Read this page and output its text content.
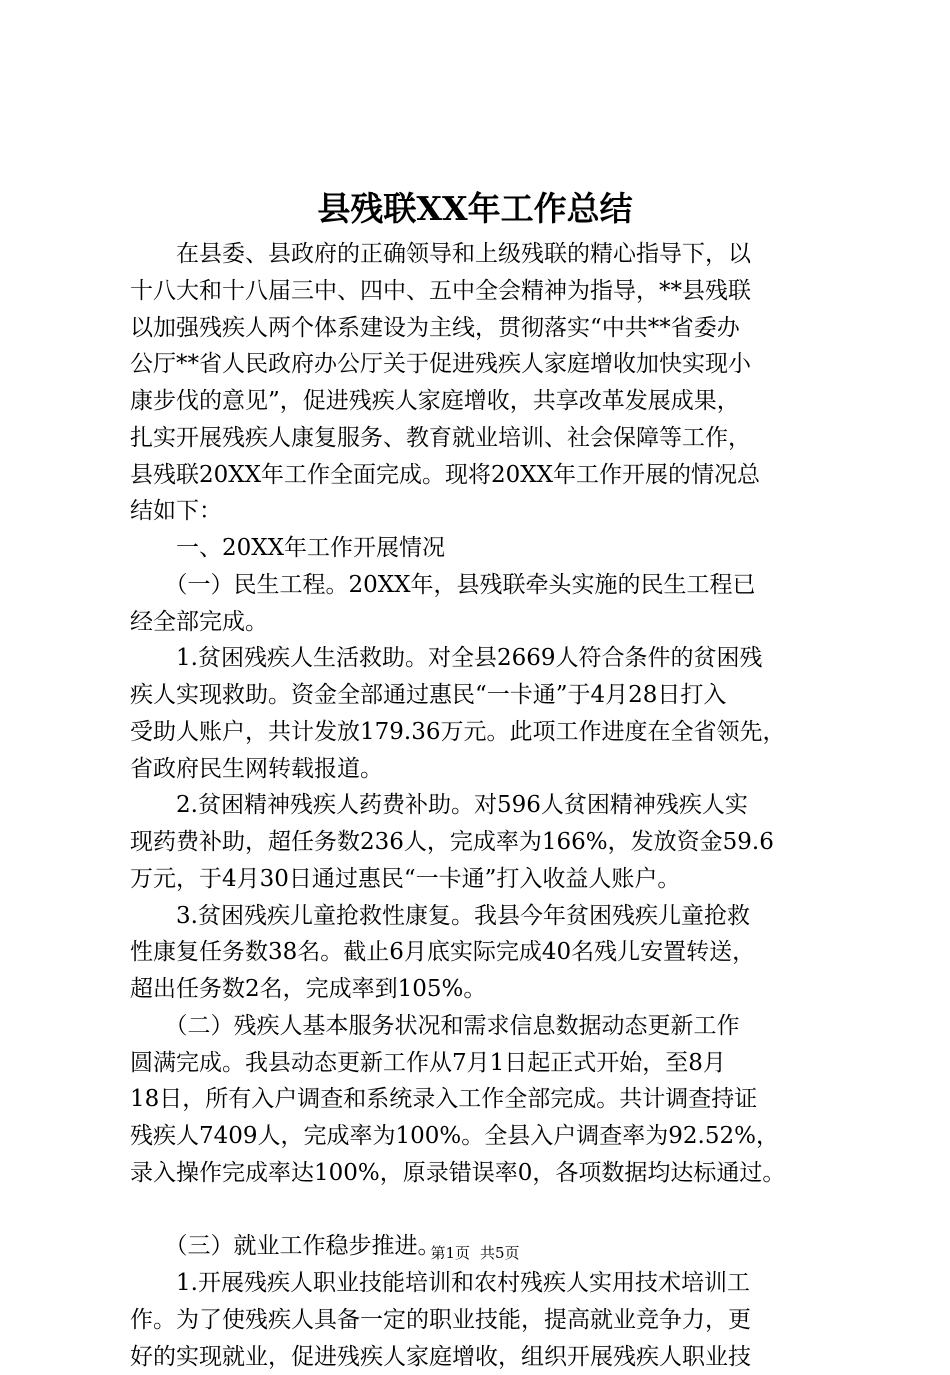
县残联XX年工作总结
　　在县委、县政府的正确领导和上级残联的精心指导下，以
十八大和十八届三中、四中、五中全会精神为指导，**县残联
以加强残疾人两个体系建设为主线，贯彻落实“中共**省委办
公厅**省人民政府办公厅关于促进残疾人家庭增收加快实现小
康步伐的意见”，促进残疾人家庭增收，共享改革发展成果，
扎实开展残疾人康复服务、教育就业培训、社会保障等工作，
县残联20XX年工作全面完成。现将20XX年工作开展的情况总
结如下：
　　一、20XX年工作开展情况
　　（一）民生工程。20XX年，县残联牵头实施的民生工程已
经全部完成。
　　1.贫困残疾人生活救助。对全县2669人符合条件的贫困残
疾人实现救助。资金全部通过惠民“一卡通”于4月28日打入
受助人账户，共计发放179.36万元。此项工作进度在全省领先，
省政府民生网转载报道。
　　2.贫困精神残疾人药费补助。对596人贫困精神残疾人实
现药费补助，超任务数236人，完成率为166%，发放资金59.6
万元，于4月30日通过惠民“一卡通”打入收益人账户。
　　3.贫困残疾儿童抢救性康复。我县今年贫困残疾儿童抢救
性康复任务数38名。截止6月底实际完成40名残儿安置转送，
超出任务数2名，完成率到105%。
　　（二）残疾人基本服务状况和需求信息数据动态更新工作
圆满完成。我县动态更新工作从7月1日起正式开始，至8月
18日，所有入户调查和系统录入工作全部完成。共计调查持证
残疾人7409人，完成率为100%。全县入户调查率为92.52%，
录入操作完成率达100%，原录错误率0，各项数据均达标通过。
　　（三）就业工作稳步推进。
　　1.开展残疾人职业技能培训和农村残疾人实用技术培训工
作。为了使残疾人具备一定的职业技能，提高就业竞争力，更
好的实现就业，促进残疾人家庭增收，组织开展残疾人职业技
第1页 共5页
